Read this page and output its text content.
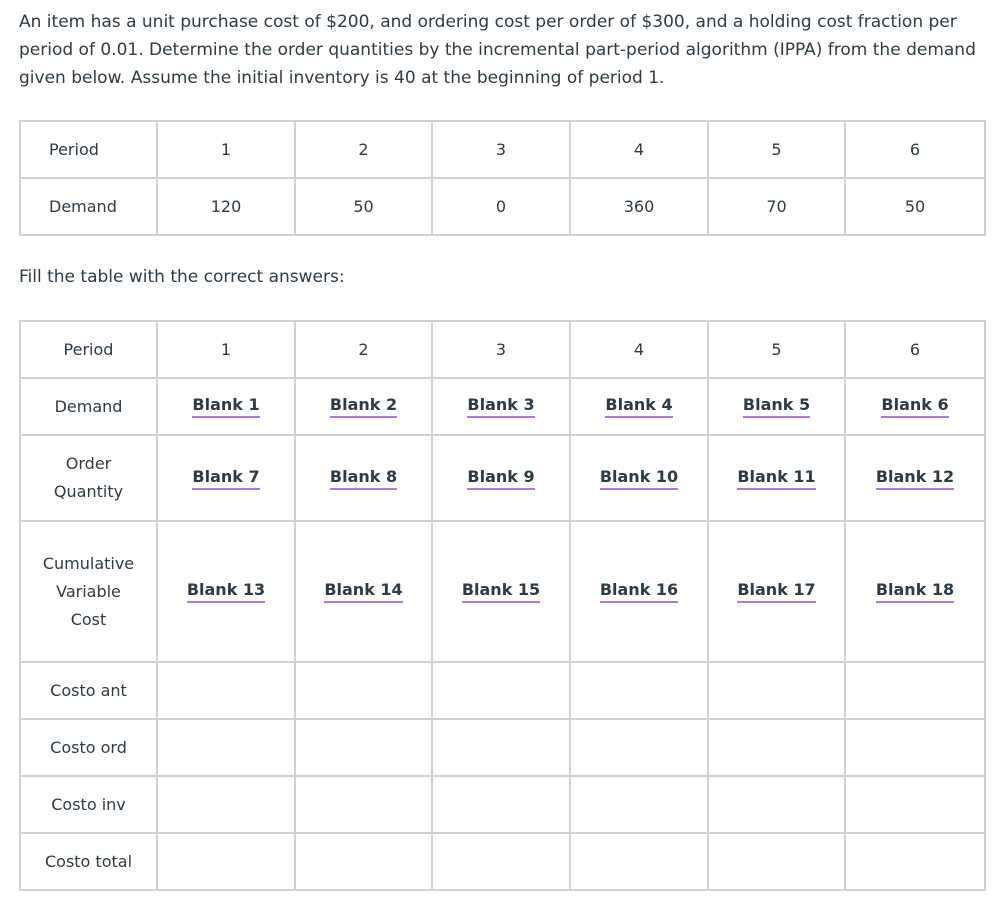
An item has a unit purchase cost of $200, and ordering cost per order of $300, and a holding cost fraction per
period of 0.01. Determine the order quantities by the incremental part-period algorithm (IPPA) from the demand
given below. Assume the initial inventory is 40 at the beginning of period 1.

Period	1	2	3	4	5	6
Demand	120	50	0	360	70	50

Fill the table with the correct answers:

Period	1	2	3	4	5	6
Demand	Blank 1	Blank 2	Blank 3	Blank 4	Blank 5	Blank 6
Order
Quantity	Blank 7	Blank 8	Blank 9	Blank 10	Blank 11	Blank 12
Cumulative
Variable
Cost	Blank 13	Blank 14	Blank 15	Blank 16	Blank 17	Blank 18
Costo ant						
Costo ord						
Costo inv						
Costo total						
